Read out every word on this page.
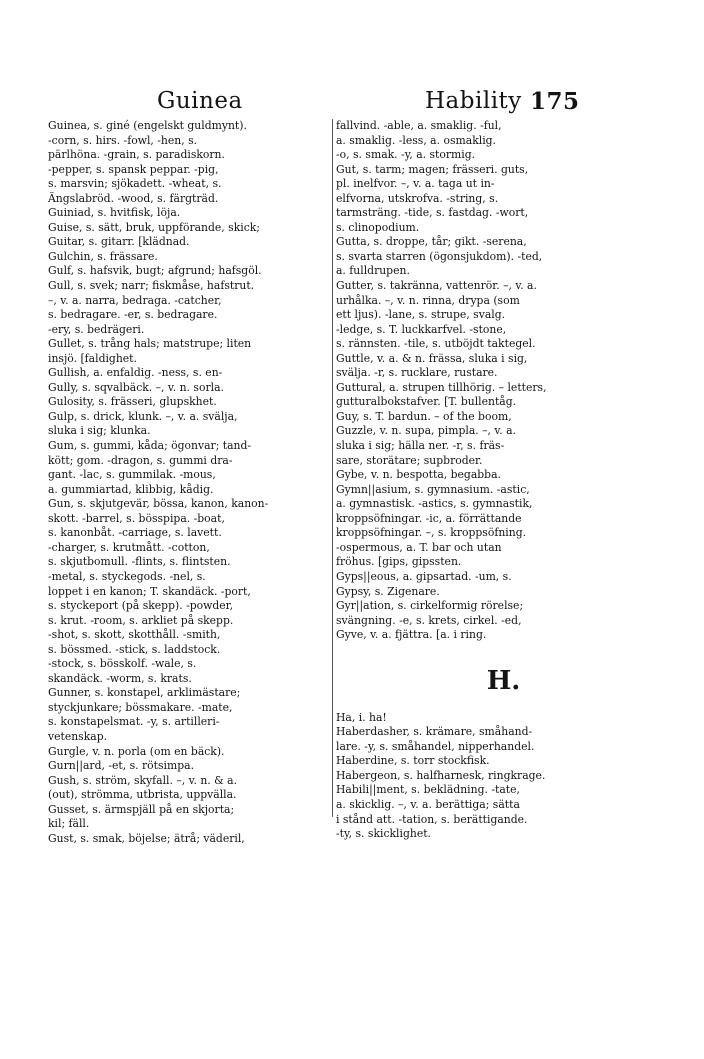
Guinea	Hability 175
Guinea, s. giné (engelskt guldmynt).
-corn, s. hirs. -fowl, -hen, s.
pärlhöna. -grain, s. paradiskorn.
-pepper, s. spansk peppar. -pig,
s. marsvin; sjökadett. -wheat, s.
Ängslabröd. -wood, s. färgträd.
Guiniad, s. hvitfisk, löja.
Guise, s. sätt, bruk, uppförande, skick;
Guitar, s. gitarr. [klädnad.
Gulchin, s. frässare.
Gulf, s. hafsvik, bugt; afgrund; hafsgöl.
Gull, s. svek; narr; fiskmåse, hafstrut.
–, v. a. narra, bedraga. -catcher,
s. bedragare. -er, s. bedragare.
-ery, s. bedrägeri.
Gullet, s. trång hals; matstrupe; liten
insjö. [faldighet.
Gullish, a. enfaldig. -ness, s. en-
Gully, s. sqvalbäck. –, v. n. sorla.
Gulosity, s. frässeri, glupskhet.
Gulp, s. drick, klunk. –, v. a. svälja,
sluka i sig; klunka.
Gum, s. gummi, kåda; ögonvar; tand-
kött; gom. -dragon, s. gummi dra-
gant. -lac, s. gummilak. -mous,
a. gummiartad, klibbig, kådig.
Gun, s. skjutgevär, bössa, kanon, kanon-
skott. -barrel, s. bösspipa. -boat,
s. kanonbåt. -carriage, s. lavett.
-charger, s. krutmått. -cotton,
s. skjutbomull. -flints, s. flintsten.
-metal, s. styckegods. -nel, s.
loppet i en kanon; T. skandäck. -port,
s. styckeport (på skepp). -powder,
s. krut. -room, s. arkliet på skepp.
-shot, s. skott, skotthåll. -smith,
s. bössmed. -stick, s. laddstock.
-stock, s. bösskolf. -wale, s.
skandäck. -worm, s. krats.
Gunner, s. konstapel, arklimästare;
styckjunkare; bössmakare. -mate,
s. konstapelsmat. -y, s. artilleri-
vetenskap.
Gurgle, v. n. porla (om en bäck).
Gurn||ard, -et, s. rötsimpa.
Gush, s. ström, skyfall. –, v. n. & a.
(out), strömma, utbrista, uppvälla.
Gusset, s. ärmspjäll på en skjorta;
kil; fäll.
Gust, s. smak, böjelse; ätrå; väderil,
fallvind. -able, a. smaklig. -ful,
a. smaklig. -less, a. osmaklig.
-o, s. smak. -y, a. stormig.
Gut, s. tarm; magen; frässeri. guts,
pl. inelfvor. –, v. a. taga ut in-
elfvorna, utskrofva. -string, s.
tarmsträng. -tide, s. fastdag. -wort,
s. clinopodium.
Gutta, s. droppe, tår; gikt. -serena,
s. svarta starren (ögonsjukdom). -ted,
a. fulldrupen.
Gutter, s. takränna, vattenrör. –, v. a.
urhålka. –, v. n. rinna, drypa (som
ett ljus). -lane, s. strupe, svalg.
-ledge, s. T. luckkarfvel. -stone,
s. rännsten. -tile, s. utböjdt taktegel.
Guttle, v. a. & n. frässa, sluka i sig,
svälja. -r, s. rucklare, rustare.
Guttural, a. strupen tillhörig. – letters,
gutturalbokstafver. [T. bullentåg.
Guy, s. T. bardun. – of the boom,
Guzzle, v. n. supa, pimpla. –, v. a.
sluka i sig; hälla ner. -r, s. fräs-
sare, storätare; supbroder.
Gybe, v. n. bespotta, begabba.
Gymn||asium, s. gymnasium. -astic,
a. gymnastisk. -astics, s. gymnastik,
kroppsöfningar. -ic, a. förrättande
kroppsöfningar. –, s. kroppsöfning.
-ospermous, a. T. bar och utan
fröhus. [gips, gipssten.
Gyps||eous, a. gipsartad. -um, s.
Gypsy, s. Zigenare.
Gyr||ation, s. cirkelformig rörelse;
svängning. -e, s. krets, cirkel. -ed,
Gyve, v. a. fjättra. [a. i ring.
H.
Ha, i. ha!
Haberdasher, s. krämare, småhand-
lare. -y, s. småhandel, nipperhandel.
Haberdine, s. torr stockfisk.
Habergeon, s. halfharnesk, ringkrage.
Habili||ment, s. beklädning. -tate,
a. skicklig. –, v. a. berättiga; sätta
i stånd att. -tation, s. berättigande.
-ty, s. skicklighet.
